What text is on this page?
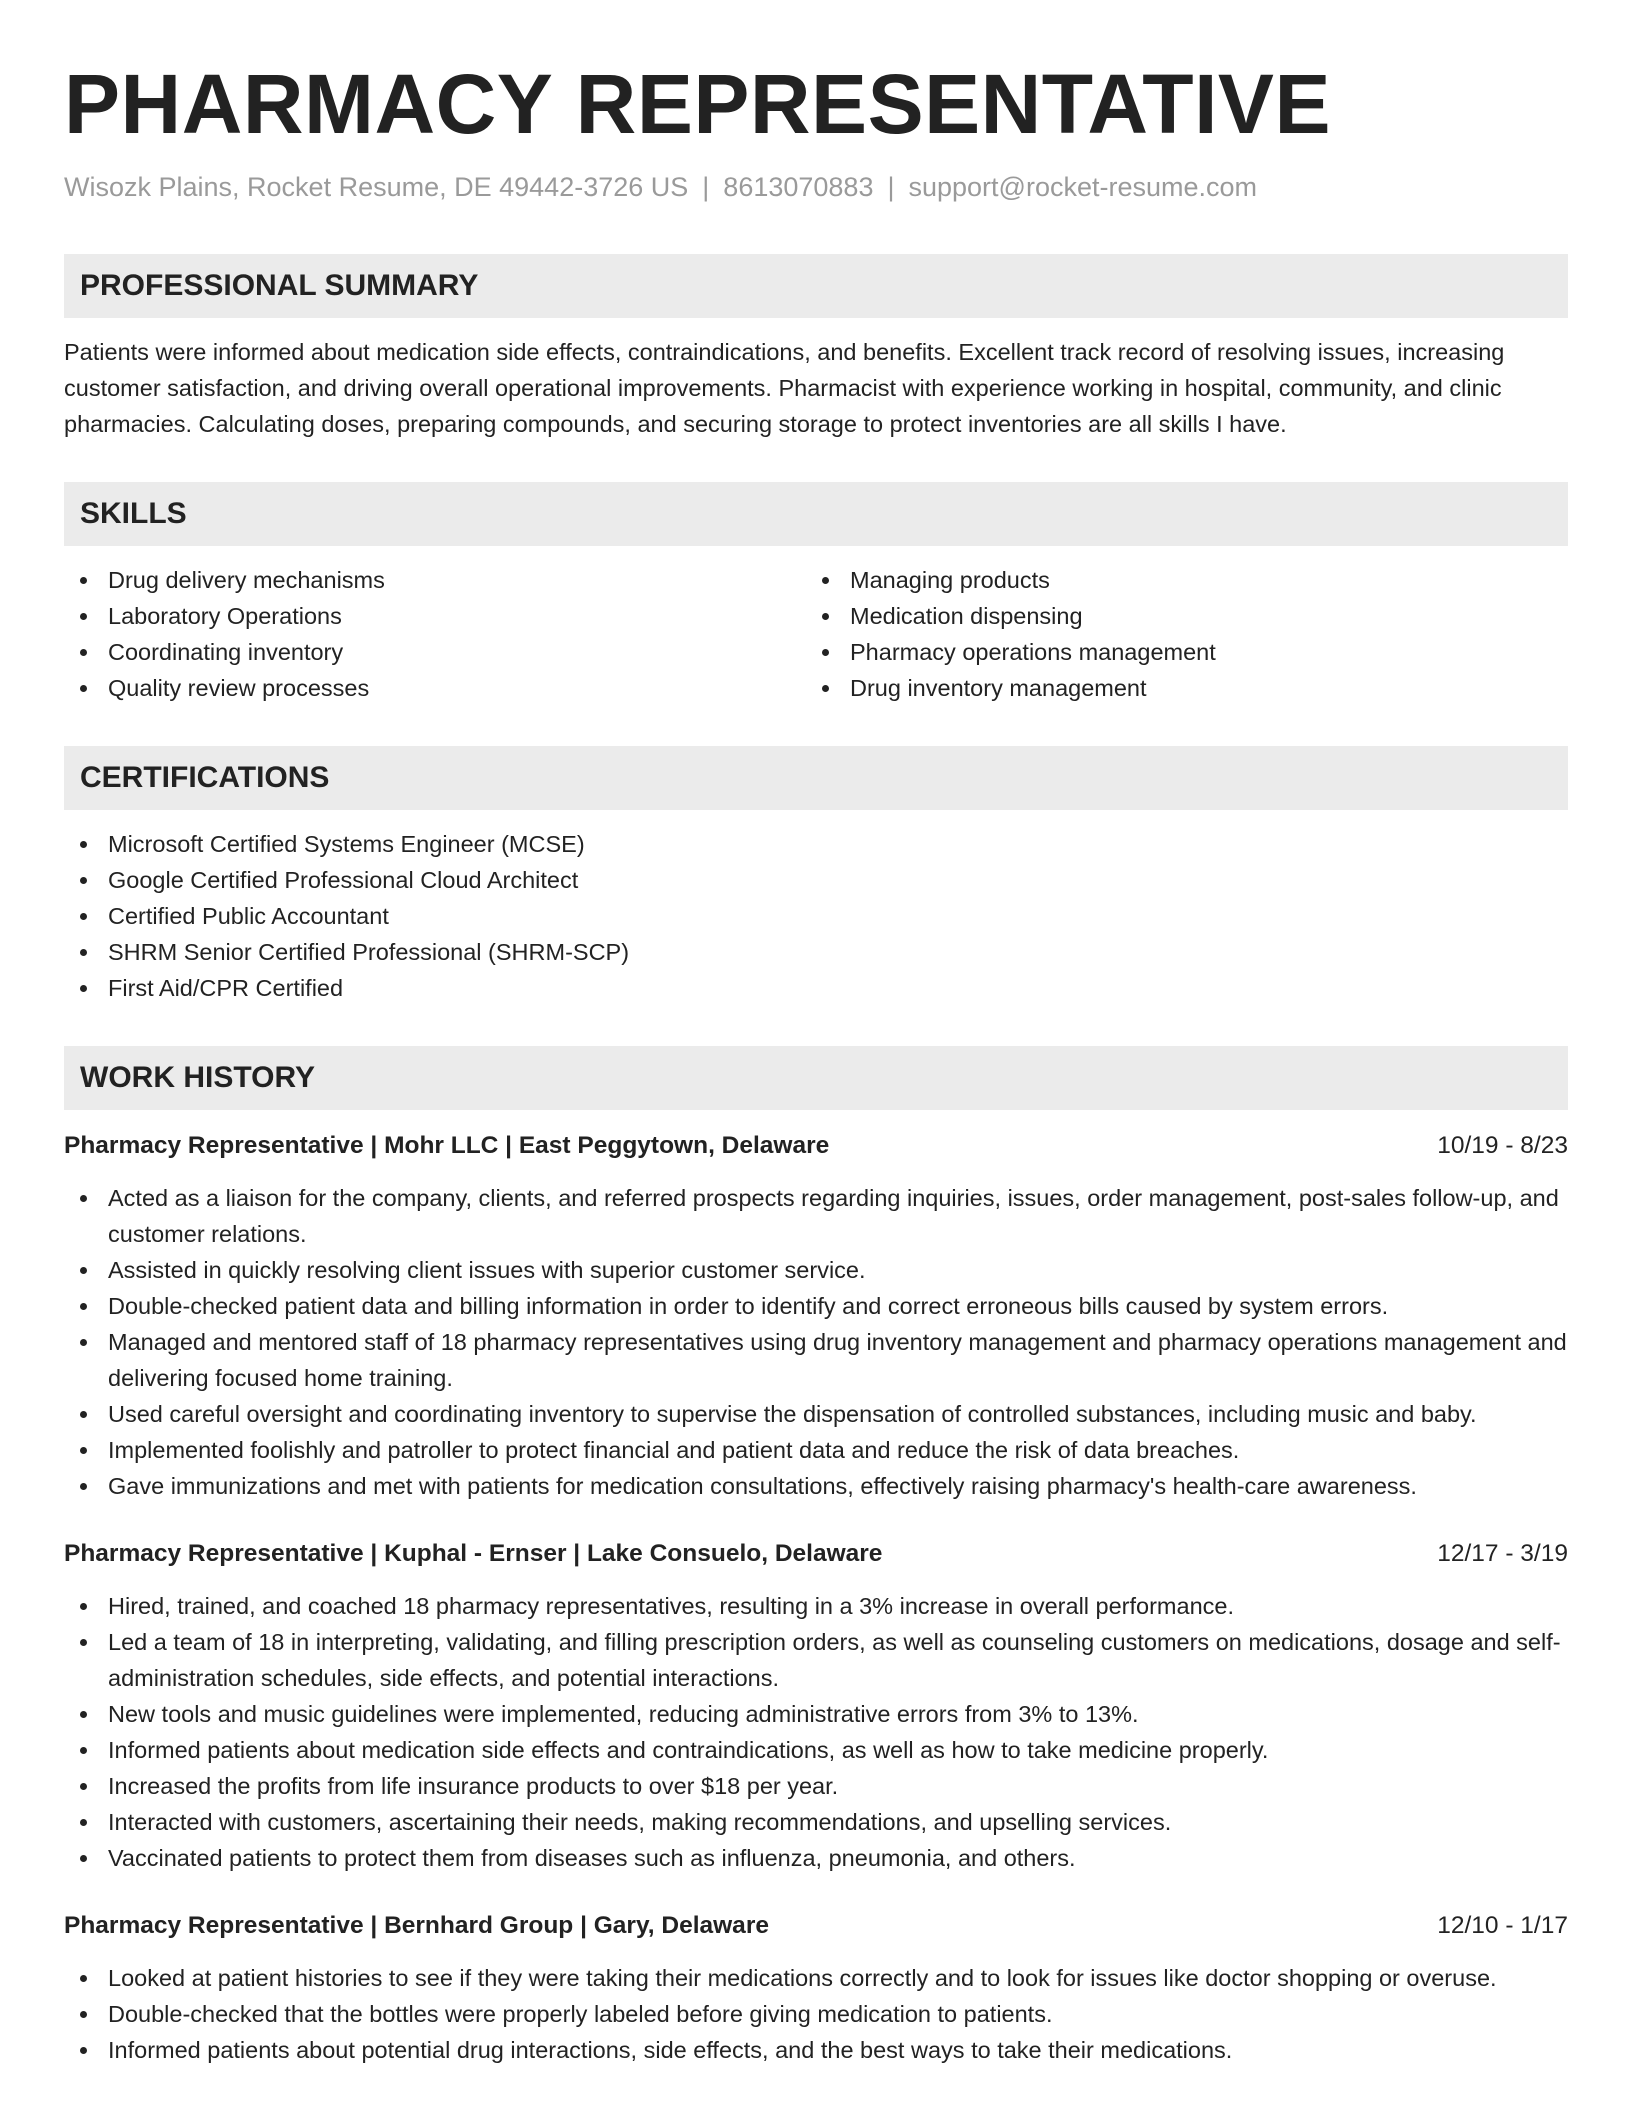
PHARMACY REPRESENTATIVE
Wisozk Plains, Rocket Resume, DE 49442-3726 US | 8613070883 | support@rocket-resume.com
PROFESSIONAL SUMMARY
Patients were informed about medication side effects, contraindications, and benefits. Excellent track record of resolving issues, increasing customer satisfaction, and driving overall operational improvements. Pharmacist with experience working in hospital, community, and clinic pharmacies. Calculating doses, preparing compounds, and securing storage to protect inventories are all skills I have.
SKILLS
Drug delivery mechanisms
Laboratory Operations
Coordinating inventory
Quality review processes
Managing products
Medication dispensing
Pharmacy operations management
Drug inventory management
CERTIFICATIONS
Microsoft Certified Systems Engineer (MCSE)
Google Certified Professional Cloud Architect
Certified Public Accountant
SHRM Senior Certified Professional (SHRM-SCP)
First Aid/CPR Certified
WORK HISTORY
Pharmacy Representative | Mohr LLC | East Peggytown, Delaware	10/19 - 8/23
Acted as a liaison for the company, clients, and referred prospects regarding inquiries, issues, order management, post-sales follow-up, and customer relations.
Assisted in quickly resolving client issues with superior customer service.
Double-checked patient data and billing information in order to identify and correct erroneous bills caused by system errors.
Managed and mentored staff of 18 pharmacy representatives using drug inventory management and pharmacy operations management and delivering focused home training.
Used careful oversight and coordinating inventory to supervise the dispensation of controlled substances, including music and baby.
Implemented foolishly and patroller to protect financial and patient data and reduce the risk of data breaches.
Gave immunizations and met with patients for medication consultations, effectively raising pharmacy's health-care awareness.
Pharmacy Representative | Kuphal - Ernser | Lake Consuelo, Delaware	12/17 - 3/19
Hired, trained, and coached 18 pharmacy representatives, resulting in a 3% increase in overall performance.
Led a team of 18 in interpreting, validating, and filling prescription orders, as well as counseling customers on medications, dosage and self-administration schedules, side effects, and potential interactions.
New tools and music guidelines were implemented, reducing administrative errors from 3% to 13%.
Informed patients about medication side effects and contraindications, as well as how to take medicine properly.
Increased the profits from life insurance products to over $18 per year.
Interacted with customers, ascertaining their needs, making recommendations, and upselling services.
Vaccinated patients to protect them from diseases such as influenza, pneumonia, and others.
Pharmacy Representative | Bernhard Group | Gary, Delaware	12/10 - 1/17
Looked at patient histories to see if they were taking their medications correctly and to look for issues like doctor shopping or overuse.
Double-checked that the bottles were properly labeled before giving medication to patients.
Informed patients about potential drug interactions, side effects, and the best ways to take their medications.
